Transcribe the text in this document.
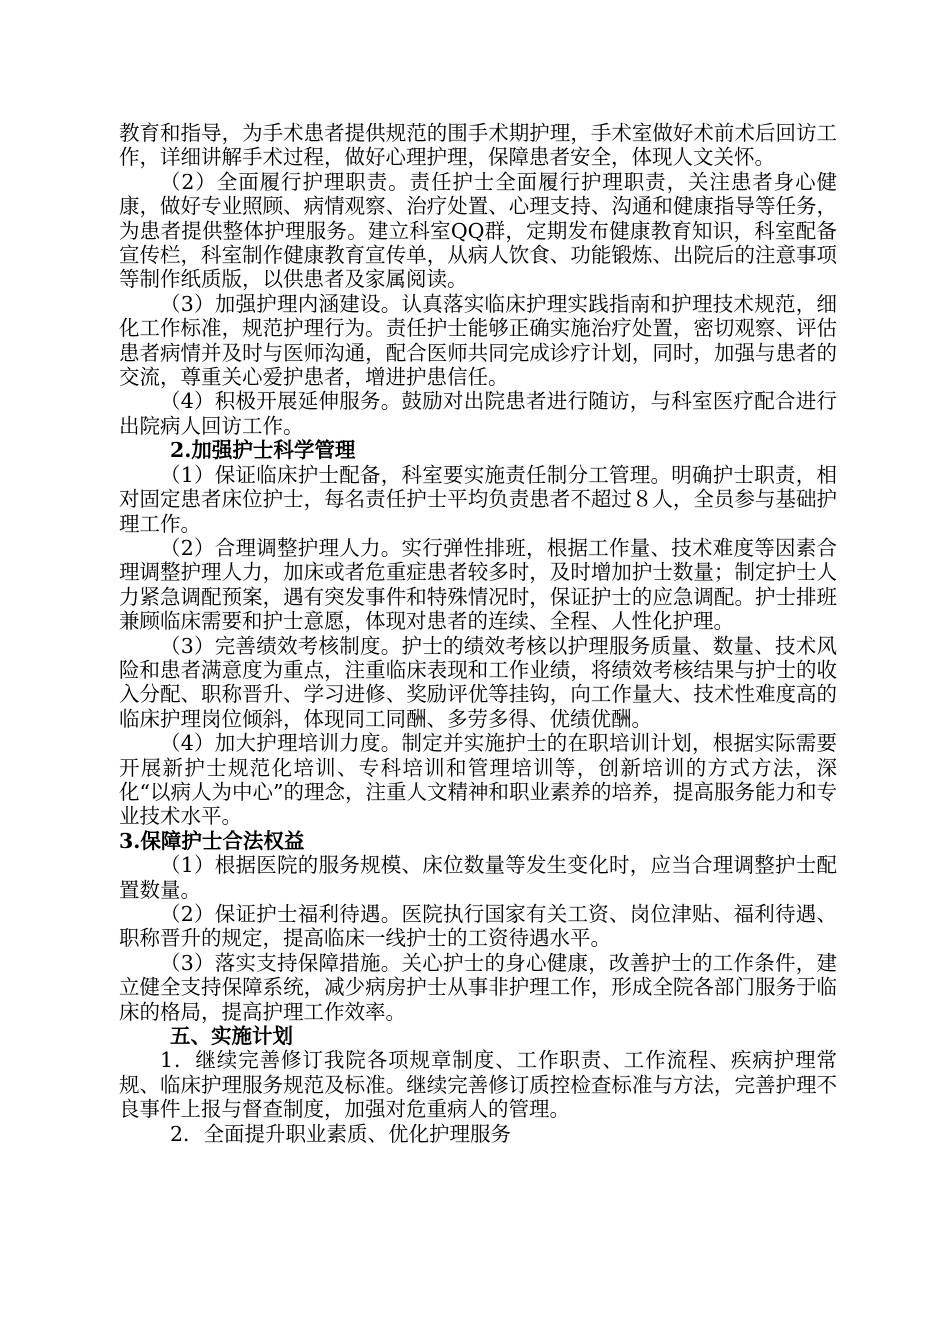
教育和指导，为手术患者提供规范的围手术期护理，手术室做好术前术后回访工作，详细讲解手术过程，做好心理护理，保障患者安全，体现人文关怀。

（2）全面履行护理职责。责任护士全面履行护理职责，关注患者身心健康，做好专业照顾、病情观察、治疗处置、心理支持、沟通和健康指导等任务，为患者提供整体护理服务。建立科室QQ群，定期发布健康教育知识，科室配备宣传栏，科室制作健康教育宣传单，从病人饮食、功能锻炼、出院后的注意事项等制作纸质版，以供患者及家属阅读。

（3）加强护理内涵建设。认真落实临床护理实践指南和护理技术规范，细化工作标准，规范护理行为。责任护士能够正确实施治疗处置，密切观察、评估患者病情并及时与医师沟通，配合医师共同完成诊疗计划，同时，加强与患者的交流，尊重关心爱护患者，增进护患信任。

（4）积极开展延伸服务。鼓励对出院患者进行随访，与科室医疗配合进行出院病人回访工作。

2.加强护士科学管理

（1）保证临床护士配备，科室要实施责任制分工管理。明确护士职责，相对固定患者床位护士，每名责任护士平均负责患者不超过８人，全员参与基础护理工作。

（2）合理调整护理人力。实行弹性排班，根据工作量、技术难度等因素合理调整护理人力，加床或者危重症患者较多时，及时增加护士数量；制定护士人力紧急调配预案，遇有突发事件和特殊情况时，保证护士的应急调配。护士排班兼顾临床需要和护士意愿，体现对患者的连续、全程、人性化护理。

（3）完善绩效考核制度。护士的绩效考核以护理服务质量、数量、技术风险和患者满意度为重点，注重临床表现和工作业绩，将绩效考核结果与护士的收入分配、职称晋升、学习进修、奖励评优等挂钩，向工作量大、技术性难度高的临床护理岗位倾斜，体现同工同酬、多劳多得、优绩优酬。

（4）加大护理培训力度。制定并实施护士的在职培训计划，根据实际需要开展新护士规范化培训、专科培训和管理培训等，创新培训的方式方法，深化“以病人为中心”的理念，注重人文精神和职业素养的培养，提高服务能力和专业技术水平。

3.保障护士合法权益

（1）根据医院的服务规模、床位数量等发生变化时，应当合理调整护士配置数量。

（2）保证护士福利待遇。医院执行国家有关工资、岗位津贴、福利待遇、职称晋升的规定，提高临床一线护士的工资待遇水平。

（3）落实支持保障措施。关心护士的身心健康，改善护士的工作条件，建立健全支持保障系统，减少病房护士从事非护理工作，形成全院各部门服务于临床的格局，提高护理工作效率。

五、实施计划

1．继续完善修订我院各项规章制度、工作职责、工作流程、疾病护理常规、临床护理服务规范及标准。继续完善修订质控检查标准与方法，完善护理不良事件上报与督查制度，加强对危重病人的管理。

2．全面提升职业素质、优化护理服务
